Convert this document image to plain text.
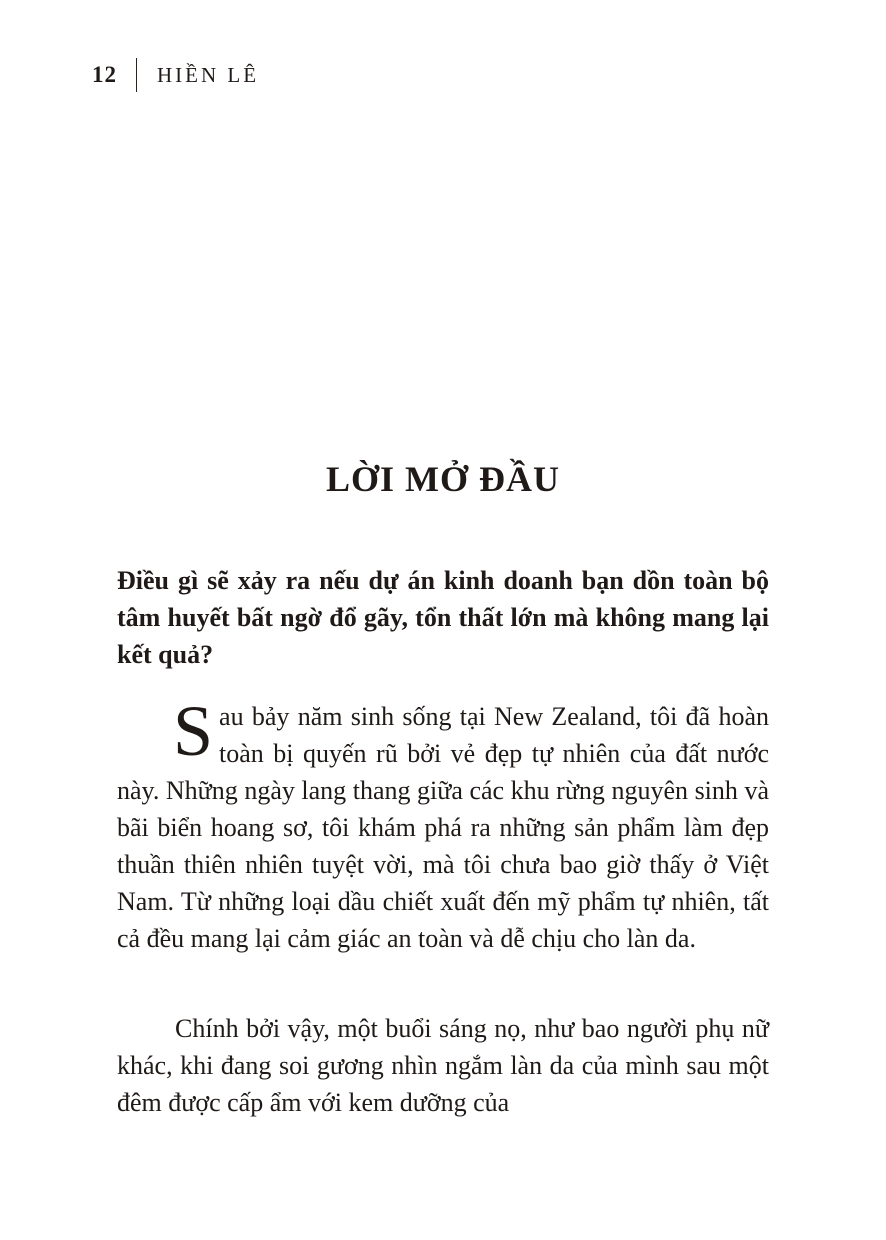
12	HIỀN LÊ
LỜI MỞ ĐẦU

Điều gì sẽ xảy ra nếu dự án kinh doanh bạn dồn toàn bộ tâm huyết bất ngờ đổ gãy, tổn thất lớn mà không mang lại kết quả?

Sau bảy năm sinh sống tại New Zealand, tôi đã hoàn toàn bị quyến rũ bởi vẻ đẹp tự nhiên của đất nước này. Những ngày lang thang giữa các khu rừng nguyên sinh và bãi biển hoang sơ, tôi khám phá ra những sản phẩm làm đẹp thuần thiên nhiên tuyệt vời, mà tôi chưa bao giờ thấy ở Việt Nam. Từ những loại dầu chiết xuất đến mỹ phẩm tự nhiên, tất cả đều mang lại cảm giác an toàn và dễ chịu cho làn da.

Chính bởi vậy, một buổi sáng nọ, như bao người phụ nữ khác, khi đang soi gương nhìn ngắm làn da của mình sau một đêm được cấp ẩm với kem dưỡng của
